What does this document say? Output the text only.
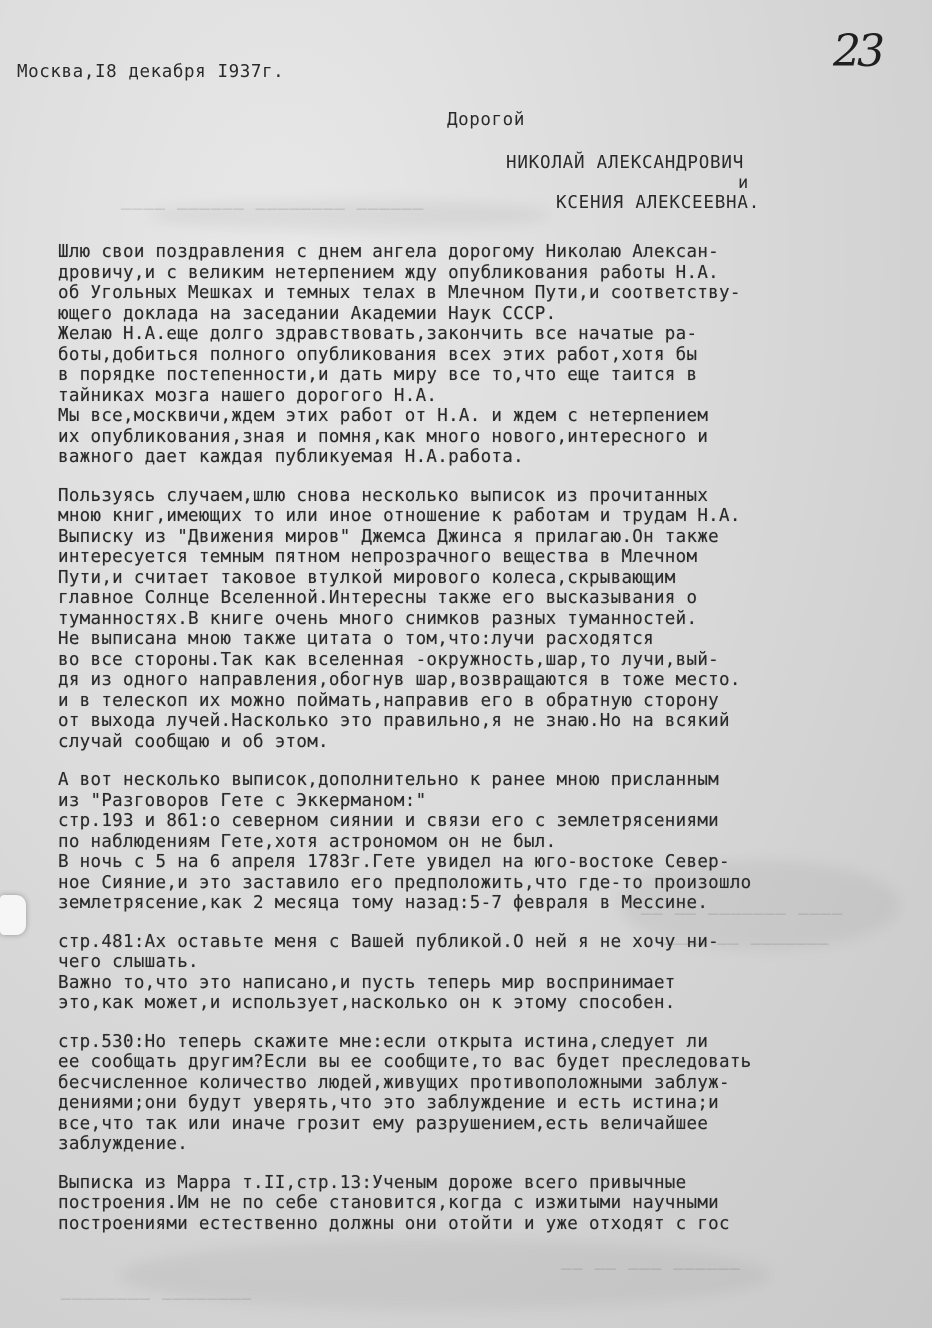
────── ──────── ────── ────
──── ─────── ── ──
─────── ── ────
──────── ────────
────── ─── ── ──
23
Москва,I8 декабря I937г.
Дорогой
НИКОЛАЙ АЛЕКСАНДРОВИЧ
и
КСЕНИЯ АЛЕКСЕЕВНА.
Шлю свои поздравления с днем ангела дорогому Николаю Алексан-
дровичу,и с великим нетерпением жду опубликования работы Н.А.
об Угольных Мешках и темных телах в Млечном Пути,и соответству-
ющего доклада на заседании Академии Наук СССР.
Желаю Н.А.еще долго здравствовать,закончить все начатые ра-
боты,добиться полного опубликования всех этих работ,хотя бы
в порядке постепенности,и дать миру все то,что еще таится в
тайниках мозга нашего дорогого Н.А.
Мы все,москвичи,ждем этих работ от Н.А. и ждем с нетерпением
их опубликования,зная и помня,как много нового,интересного и
важного дает каждая публикуемая Н.А.работа.
Пользуясь случаем,шлю снова несколько выписок из прочитанных
мною книг,имеющих то или иное отношение к работам и трудам Н.А.
Выписку из "Движения миров" Джемса Джинса я прилагаю.Он также
интересуется темным пятном непрозрачного вещества в Млечном
Пути,и считает таковое втулкой мирового колеса,скрывающим
главное Солнце Вселенной.Интересны также его высказывания о
туманностях.В книге очень много снимков разных туманностей.
Не выписана мною также цитата о том,что:лучи расходятся
во все стороны.Так как вселенная -окружность,шар,то лучи,вый-
дя из одного направления,обогнув шар,возвращаются в тоже место.
и в телескоп их можно поймать,направив его в обратную сторону
от выхода лучей.Насколько это правильно,я не знаю.Но на всякий
случай сообщаю и об этом.
А вот несколько выписок,дополнительно к ранее мною присланным
из "Разговоров Гете с Эккерманом:"
стр.193 и 861:о северном сиянии и связи его с землетрясениями
по наблюдениям Гете,хотя астрономом он не был.
В ночь с 5 на 6 апреля 1783г.Гете увидел на юго-востоке Север-
ное Сияние,и это заставило его предположить,что где-то произошло
землетрясение,как 2 месяца тому назад:5-7 февраля в Мессине.
стр.481:Ах оставьте меня с Вашей публикой.О ней я не хочу ни-
чего слышать.
Важно то,что это написано,и пусть теперь мир воспринимает
это,как может,и использует,насколько он к этому способен.
стр.530:Но теперь скажите мне:если открыта истина,следует ли
ее сообщать другим?Если вы ее сообщите,то вас будет преследовать
бесчисленное количество людей,живущих противоположными заблуж-
дениями;они будут уверять,что это заблуждение и есть истина;и
все,что так или иначе грозит ему разрушением,есть величайшее
заблуждение.
Выписка из Марра т.II,стр.13:Ученым дороже всего привычные
построения.Им не по себе становится,когда с изжитыми научными
построениями естественно должны они отойти и уже отходят с гос
